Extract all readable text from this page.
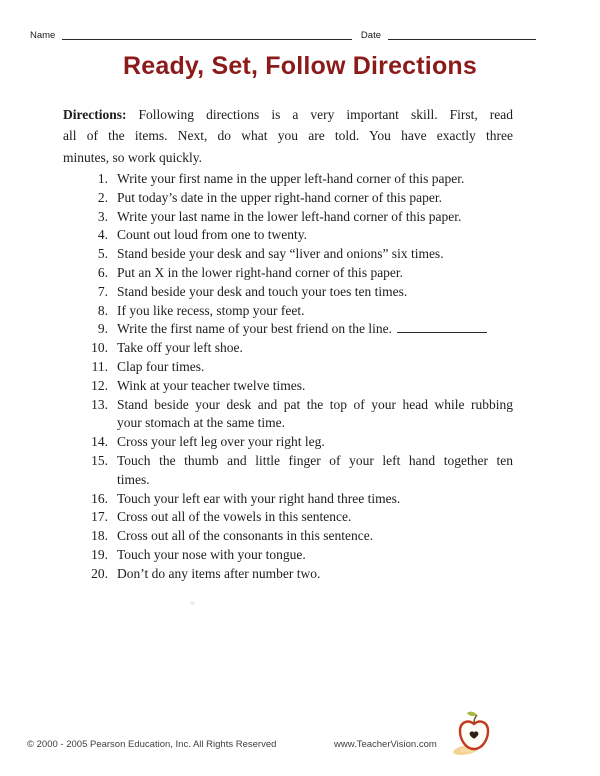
Name	Date
Ready, Set, Follow Directions
Directions: Following directions is a very important skill. First, read
all of the items. Next, do what you are told. You have exactly three
minutes, so work quickly.
1. Write your first name in the upper left-hand corner of this paper.
2. Put today’s date in the upper right-hand corner of this paper.
3. Write your last name in the lower left-hand corner of this paper.
4. Count out loud from one to twenty.
5. Stand beside your desk and say “liver and onions” six times.
6. Put an X in the lower right-hand corner of this paper.
7. Stand beside your desk and touch your toes ten times.
8. If you like recess, stomp your feet.
9. Write the first name of your best friend on the line.
10. Take off your left shoe.
11. Clap four times.
12. Wink at your teacher twelve times.
13. Stand beside your desk and pat the top of your head while rubbing
your stomach at the same time.
14. Cross your left leg over your right leg.
15. Touch the thumb and little finger of your left hand together ten
times.
16. Touch your left ear with your right hand three times.
17. Cross out all of the vowels in this sentence.
18. Cross out all of the consonants in this sentence.
19. Touch your nose with your tongue.
20. Don’t do any items after number two.
© 2000 - 2005 Pearson Education, Inc. All Rights Reserved	www.TeacherVision.com
